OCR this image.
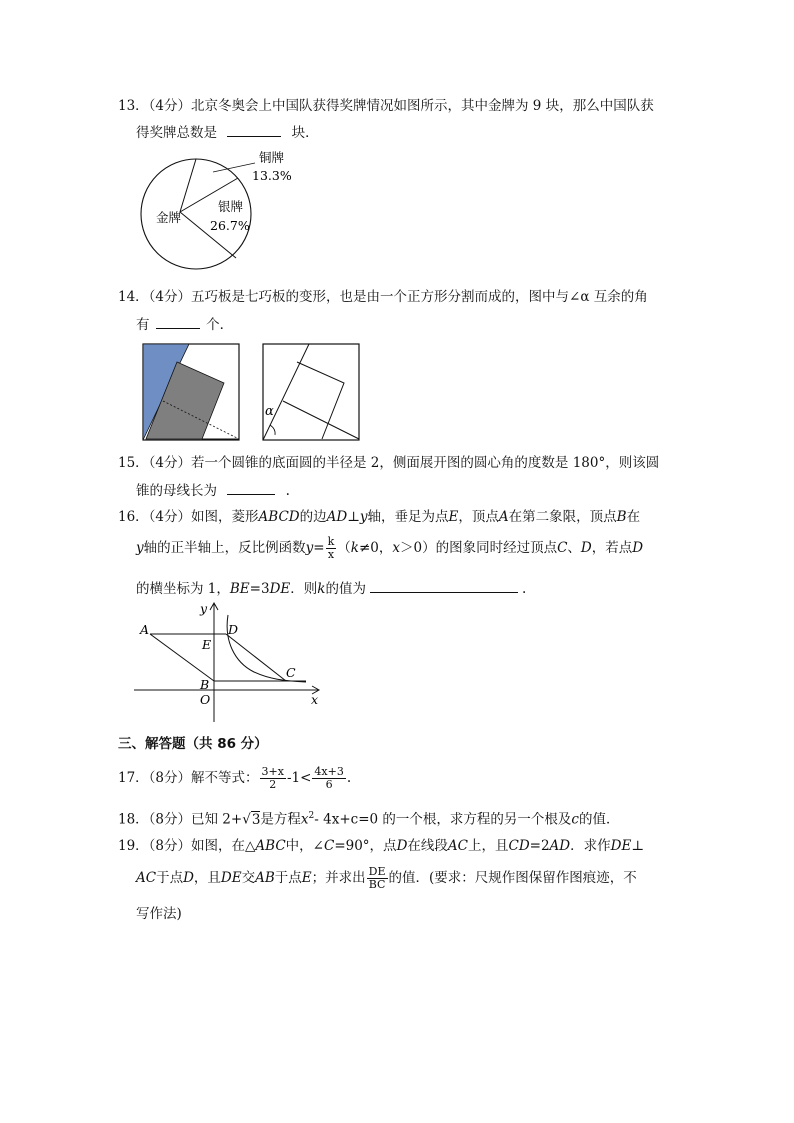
13．（4分）北京冬奥会上中国队获得奖牌情况如图所示，其中金牌为 9 块，那么中国队获
得奖牌总数是	块．
铜牌
13.3%
银牌
26.7%
金牌
14．（4分）五巧板是七巧板的变形，也是由一个正方形分割而成的，图中与∠α 互余的角
有	个．
α
15．（4分）若一个圆锥的底面圆的半径是 2，侧面展开图的圆心角的度数是 180°，则该圆
锥的母线长为	.
16．（4分）如图，菱形ABCD的边AD⊥y轴，垂足为点E，顶点A在第二象限，顶点B在
y轴的正半轴上，反比例函数$y= \frac{k}{x} (k\ne 0$，x＞0）的图象同时经过顶点C、D，若点D
的横坐标为 1，BE=3DE．则k的值为	.
A	D
E
C
B
O	x
y
三、解答题（共 86 分）
17．（8分）解不等式： $\frac{3+x}{2} -1< \frac{4x+3}{6}$ .
18．（8分）已知 2+√3是方程$x^2-$ 4x+c=0 的一个根，求方程的另一个根及c的值．
19．（8分）如图，在△ABC中，∠C=90°，点D在线段AC上，且CD=2AD．求作DE⊥
AC于点D，且DE交AB于点E；并求出 $\frac{DE}{BC}$ 的值．(要求：尺规作图保留作图痕迹，不
写作法)
